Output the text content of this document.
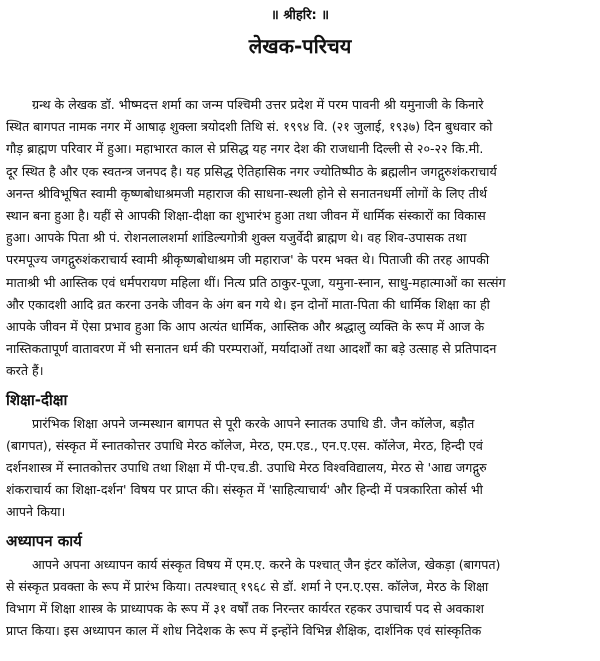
॥ श्रीहरि: ॥
लेखक-परिचय

ग्रन्थ के लेखक डॉ. भीष्मदत्त शर्मा का जन्म पश्चिमी उत्तर प्रदेश में परम पावनी श्री यमुनाजी के किनारे
स्थित बागपत नामक नगर में आषाढ़ शुक्ला त्रयोदशी तिथि सं. १९९४ वि. (२१ जुलाई, १९३७) दिन बुधवार को
गौड़ ब्राह्मण परिवार में हुआ। महाभारत काल से प्रसिद्ध यह नगर देश की राजधानी दिल्ली से २०-२२ कि.मी.
दूर स्थित है और एक स्वतन्त्र जनपद है। यह प्रसिद्ध ऐतिहासिक नगर ज्योतिष्पीठ के ब्रह्मलीन जगद्गुरुशंकराचार्य
अनन्त श्रीविभूषित स्वामी कृष्णबोधाश्रमजी महाराज की साधना-स्थली होने से सनातनधर्मी लोगों के लिए तीर्थ
स्थान बना हुआ है। यहीं से आपकी शिक्षा-दीक्षा का शुभारंभ हुआ तथा जीवन में धार्मिक संस्कारों का विकास
हुआ। आपके पिता श्री पं. रोशनलालशर्मा शांडिल्यगोत्री शुक्ल यजुर्वेदी ब्राह्मण थे। वह शिव-उपासक तथा
परमपूज्य जगद्गुरुशंकराचार्य स्वामी श्रीकृष्णबोधाश्रम जी महाराज' के परम भक्त थे। पिताजी की तरह आपकी
माताश्री भी आस्तिक एवं धर्मपरायण महिला थीं। नित्य प्रति ठाकुर-पूजा, यमुना-स्नान, साधु-महात्माओं का सत्संग
और एकादशी आदि व्रत करना उनके जीवन के अंग बन गये थे। इन दोनों माता-पिता की धार्मिक शिक्षा का ही
आपके जीवन में ऐसा प्रभाव हुआ कि आप अत्यंत धार्मिक, आस्तिक और श्रद्धालु व्यक्ति के रूप में आज के
नास्तिकतापूर्ण वातावरण में भी सनातन धर्म की परम्पराओं, मर्यादाओं तथा आदर्शों का बड़े उत्साह से प्रतिपादन
करते हैं।

शिक्षा-दीक्षा

प्रारंभिक शिक्षा अपने जन्मस्थान बागपत से पूरी करके आपने स्नातक उपाधि डी. जैन कॉलेज, बड़ौत
(बागपत), संस्कृत में स्नातकोत्तर उपाधि मेरठ कॉलेज, मेरठ, एम.एड., एन.ए.एस. कॉलेज, मेरठ, हिन्दी एवं
दर्शनशास्त्र में स्नातकोत्तर उपाधि तथा शिक्षा में पी-एच.डी. उपाधि मेरठ विश्वविद्यालय, मेरठ से 'आद्य जगद्गुरु
शंकराचार्य का शिक्षा-दर्शन' विषय पर प्राप्त की। संस्कृत में 'साहित्याचार्य' और हिन्दी में पत्रकारिता कोर्स भी
आपने किया।

अध्यापन कार्य

आपने अपना अध्यापन कार्य संस्कृत विषय में एम.ए. करने के पश्चात् जैन इंटर कॉलेज, खेकड़ा (बागपत)
से संस्कृत प्रवक्ता के रूप में प्रारंभ किया। तत्पश्चात् १९६८ से डॉ. शर्मा ने एन.ए.एस. कॉलेज, मेरठ के शिक्षा
विभाग में शिक्षा शास्त्र के प्राध्यापक के रूप में ३१ वर्षों तक निरन्तर कार्यरत रहकर उपाचार्य पद से अवकाश
प्राप्त किया। इस अध्यापन काल में शोध निदेशक के रूप में इन्होंने विभिन्न शैक्षिक, दार्शनिक एवं सांस्कृतिक
